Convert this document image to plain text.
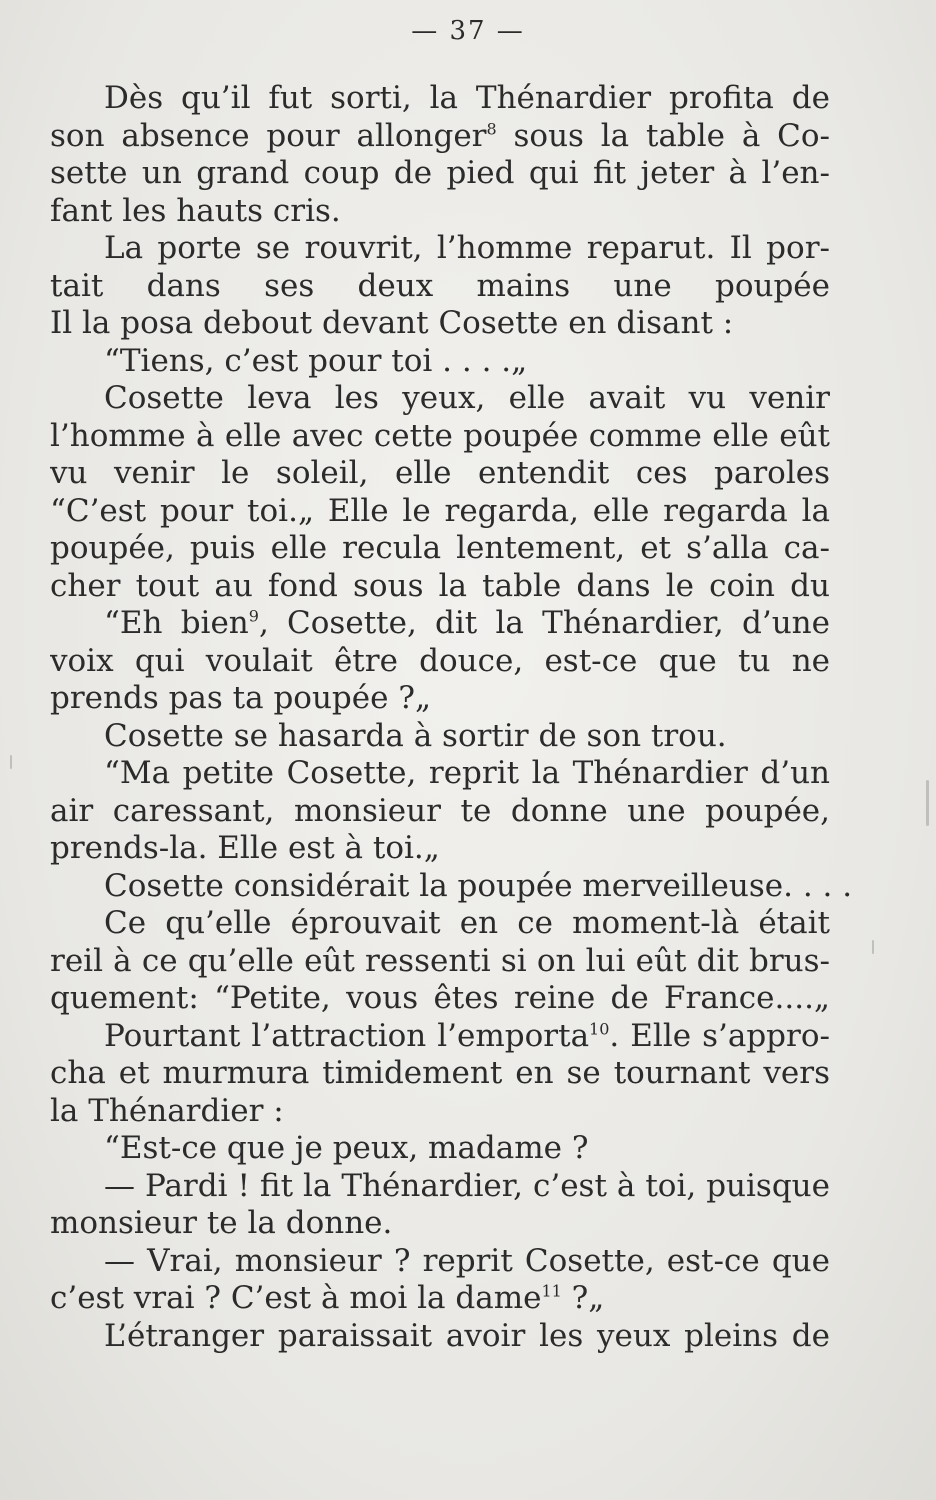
— 37 —
Dès qu’il fut sorti, la Thénardier profita de
son absence pour allonger$^8$ sous la table à Co-
sette un grand coup de pied qui fit jeter à l’en-
fant les hauts cris.
La porte se rouvrit, l’homme reparut. Il por-
tait dans ses deux mains une poupée
Il la posa debout devant Cosette en disant :
“Tiens, c’est pour toi . . . .„
Cosette leva les yeux, elle avait vu venir
l’homme à elle avec cette poupée comme elle eût
vu venir le soleil, elle entendit ces paroles
“C’est pour toi.„ Elle le regarda, elle regarda la
poupée, puis elle recula lentement, et s’alla ca-
cher tout au fond sous la table dans le coin du
“Eh bien$^9$, Cosette, dit la Thénardier, d’une
voix qui voulait être douce, est-ce que tu ne
prends pas ta poupée ?„
Cosette se hasarda à sortir de son trou.
“Ma petite Cosette, reprit la Thénardier d’un
air caressant, monsieur te donne une poupée,
prends-la. Elle est à toi.„
Cosette considérait la poupée merveilleuse. . . .
Ce qu’elle éprouvait en ce moment-là était
reil à ce qu’elle eût ressenti si on lui eût dit brus-
quement: “Petite, vous êtes reine de France....„
Pourtant l’attraction l’emporta$^{10}$. Elle s’appro-
cha et murmura timidement en se tournant vers
la Thénardier :
“Est-ce que je peux, madame ?
— Pardi ! fit la Thénardier, c’est à toi, puisque
monsieur te la donne.
— Vrai, monsieur ? reprit Cosette, est-ce que
c’est vrai ? C’est à moi la dame$^{11}$ ?„
L’étranger paraissait avoir les yeux pleins de
